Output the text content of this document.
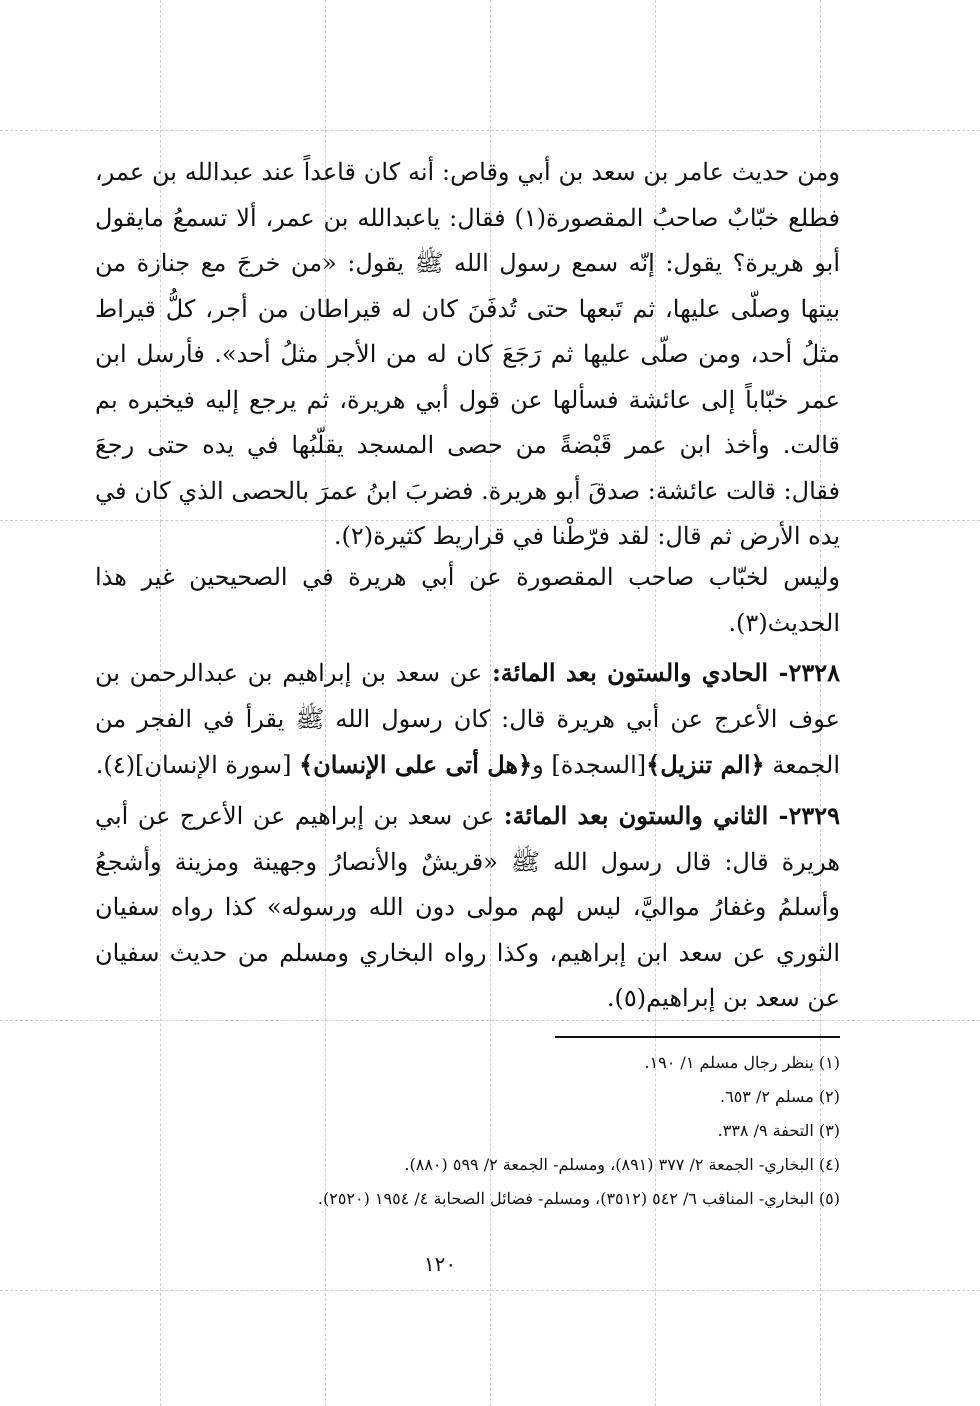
ومن حديث عامر بن سعد بن أبي وقاص: أنه كان قاعداً عند عبدالله بن عمر، فطلع خبّابٌ صاحبُ المقصورة(١) فقال: ياعبدالله بن عمر، ألا تسمعُ مايقول أبو هريرة؟ يقول: إنّه سمع رسول الله ﷺ يقول: «من خرجَ مع جنازة من بيتها وصلّى عليها، ثم تَبعها حتى تُدفَنَ كان له قيراطان من أجر، كلُّ قيراط مثلُ أحد، ومن صلّى عليها ثم رَجَعَ كان له من الأجر مثلُ أحد». فأرسل ابن عمر خبّاباً إلى عائشة فسألها عن قول أبي هريرة، ثم يرجع إليه فيخبره بم قالت. وأخذ ابن عمر قَبْضةً من حصى المسجد يقلّبُها في يده حتى رجعَ فقال: قالت عائشة: صدقَ أبو هريرة. فضربَ ابنُ عمرَ بالحصى الذي كان في يده الأرض ثم قال: لقد فرّطْنا في قراريط كثيرة(٢).

وليس لخبّاب صاحب المقصورة عن أبي هريرة في الصحيحين غير هذا الحديث(٣).

٢٣٢٨- الحادي والستون بعد المائة: عن سعد بن إبراهيم بن عبدالرحمن بن عوف الأعرج عن أبي هريرة قال: كان رسول الله ﷺ يقرأ في الفجر من الجمعة ﴿الم تنزيل﴾[السجدة] و﴿هل أتى على الإنسان﴾ [سورة الإنسان](٤).

٢٣٢٩- الثاني والستون بعد المائة: عن سعد بن إبراهيم عن الأعرج عن أبي هريرة قال: قال رسول الله ﷺ «قريشٌ والأنصارُ وجهينة ومزينة وأشجعُ وأسلمُ وغفارُ مواليَّ، ليس لهم مولى دون الله ورسوله» كذا رواه سفيان الثوري عن سعد ابن إبراهيم، وكذا رواه البخاري ومسلم من حديث سفيان عن سعد بن إبراهيم(٥).

(١) ينظر رجال مسلم ١/ ١٩٠.
(٢) مسلم ٢/ ٦٥٣.
(٣) التحفة ٩/ ٣٣٨.
(٤) البخاري- الجمعة ٢/ ٣٧٧ (٨٩١)، ومسلم- الجمعة ٢/ ٥٩٩ (٨٨٠).
(٥) البخاري- المناقب ٦/ ٥٤٢ (٣٥١٢)، ومسلم- فضائل الصحابة ٤/ ١٩٥٤ (٢٥٢٠).
١٢٠
